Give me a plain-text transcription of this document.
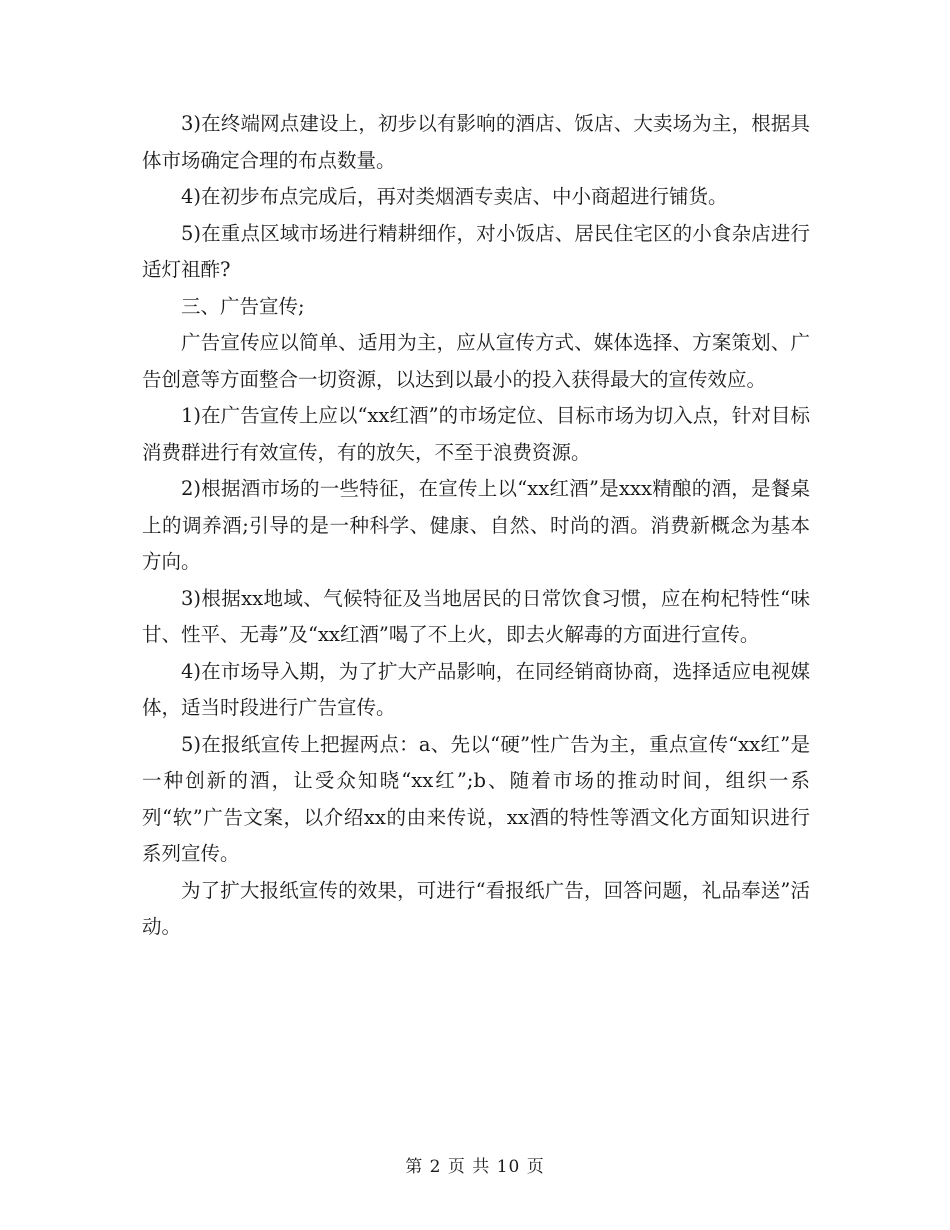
3)在终端网点建设上，初步以有影响的酒店、饭店、大卖场为主，根据具体市场确定合理的布点数量。

4)在初步布点完成后，再对类烟酒专卖店、中小商超进行铺货。

5)在重点区域市场进行精耕细作，对小饭店、居民住宅区的小食杂店进行适灯祖酢?

三、广告宣传;

广告宣传应以简单、适用为主，应从宣传方式、媒体选择、方案策划、广告创意等方面整合一切资源，以达到以最小的投入获得最大的宣传效应。

1)在广告宣传上应以“xx红酒”的市场定位、目标市场为切入点，针对目标消费群进行有效宣传，有的放矢，不至于浪费资源。

2)根据酒市场的一些特征，在宣传上以“xx红酒”是xxx精酿的酒，是餐桌上的调养酒;引导的是一种科学、健康、自然、时尚的酒。消费新概念为基本方向。

3)根据xx地域、气候特征及当地居民的日常饮食习惯，应在枸杞特性“味甘、性平、无毒”及“xx红酒”喝了不上火，即去火解毒的方面进行宣传。

4)在市场导入期，为了扩大产品影响，在同经销商协商，选择适应电视媒体，适当时段进行广告宣传。

5)在报纸宣传上把握两点：a、先以“硬”性广告为主，重点宣传“xx红”是一种创新的酒，让受众知晓“xx红”;b、随着市场的推动时间，组织一系列“软”广告文案，以介绍xx的由来传说，xx酒的特性等酒文化方面知识进行系列宣传。

为了扩大报纸宣传的效果，可进行“看报纸广告，回答问题，礼品奉送”活动。

第 2 页 共 10 页
